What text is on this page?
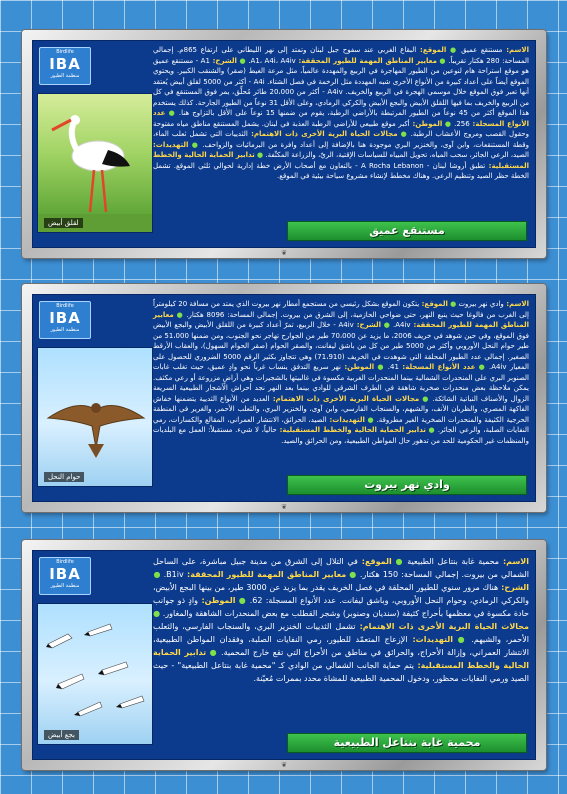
الاسم: مستنقع عميق ● الموقع: البقاع الغربي عند سفوح جبل لبنان وتمتد إلى نهر الليطاني على ارتفاع 865م. إجمالي المساحة: 280 هكتار تقريباً. ● معايير المناطق المهمة للطيور المحققة: A1، A4i، A4iv. ● الشرح: A1 - مستنقع عميق هو موقع استراحة هام لنوعين من الطيور المهاجرة في الربيع والمهددة عالمياً، مثل مرعة الغيط (صقر) والشنقب الكبير. ويحتوي الموقع أيضاً على أعداد كبيرة من الأنواع الأخرى شبه المهددة مثل الرخمة في فصل الشتاء. A4i - أكثر من 5000 لقلق أبيض يُعتقد أنها تعبر فوق الموقع خلال موسمي الهجرة في الربيع والخريف. A4iv - أكثر من 20،000 طائر مُحلِّق، يمر فوق المستنقع في كل من الربيع والخريف بما فيها اللقلق الأبيض والبجع الأبيض والكركي الرمادي، وعلى الأقل 31 نوعاً من الطيور الجارحة. كذلك يستخدم هذا الموقع أكثر من 45 نوعاً من الطيور المرتبطة بالأراضي الرطبة، يقوم من ضمنها 15 نوعاً على الأقل بالتزاوج هنا. ● عدد الأنواع المسجلة: 256. ● الموطن: أكبر موقع طبيعي للأراضي الرطبة العذبة في لبنان. يشمل المستنقع مناطق مياه مفتوحة وحقول القصب ومروج الأعشاب الرطبة. ● مجالات الحياة البرية الأخرى ذات الاهتمام: الثدييات التي تشمل ثعلب الماء، وقطة المستنقعات، وابن آوى، والخنزير البري موجودة هنا بالإضافة إلى أعداد وافرة من البرمائيات والزواحف. ● التهديدات: الصيد، الرعي الجائر، سحب المياه، تحويل الميياه للسياسات الإقتية، الريّ، والزراعة المكثّفة. ● تدابير الحماية الحالية والخطط المستقبلية: تطبق أروشا لبنان - A Rocha Lebanon - بالتعاون مع أصحاب الأرض خطة إدارية لحوالي ثلثي الموقع. تشمل الخطة حظر الصيد وتنظيم الرعي. وهناك مخطط لإنشاء مشروع سياحة بيئية في الموقع.
Birdlife
IBA
منظمة الطيور
لقلق أبيض
مستنقع عميق
❦
الاسم: وادي نهر بيروت ● الموقع: يتكون الموقع بشكل رئيسي من مستجمع أمطار نهر بيروت الذي يمتد من مسافة 20 كيلومتراً إلى الغرب من فالوغا حيث ينبع النهر، حتى ضواحي الحازمية، إلى الشرق من بيروت. إجمالي المساحة: 8096 هكتار. ● معايير المناطق المهمة للطيور المحققة: A4iv. ● الشرح: A4iv - خلال الربيع، تمرّ أعداد كبيرة من اللقلق الأبيض والبجع الأبيض فوق الموقع، وفي حين شوهد في خريف 2006، ما يزيد عن 70،000 طير من الجوارح تهاجر نحو الجنوب، ومن ضمنها 51،000 من طير حوام النحل الأوروبي وأكثر من 5000 طير من كل من باشق ليفانت، والصقر الحوام (صقر الحوام السهول)، والعقاب الأرقط الصغير. إجمالي عدد الطيور المحلقة التي شوهدت في الخريف (71،910) وهي تتجاوز بكثير الرقم 5000 الضروري للحصول على المعيار A4iv. ● عدد الأنواع المسجلة: 41. ● الموطن: نهر سريع التدفق ينساب غرباً نحو وادٍ عميق، حيث تغلب غابات الصنوبر البري على المنحدرات الشمالية بينما المنحدرات الغربية مكسوة في غالبيتها بالشجيرات وهي أراضٍ مزروعة أو رعي مكثف. يمكن ملاحظة بعض منحدرات صخرية شاهقة في الطرف الشرقي للوادي بينما بعد النهر نجد أحراش الأشجار الطبيعية السريعة الزوال والأصناف النباتية الشائكة. ● مجالات الحياة البرية الأخرى ذات الاهتمام: العديد من الأنواع الثديية يتضمنها خفاش الفاكهة المصري، والظربان الأنف، والشيهم، والسنجاب الفارسي، وابن آوى، والخنزير البري، والثعلب الأحمر، والغرير في المنطقة الحرجية الكثيفة والمنحدرات الصخرية الغير مطروقة. ● التهديدات: الصيد، الحرائق، الانتشار العمراني، المقالع والكسارات، رمي النفايات الصلبة، والرعي الجائر. ● تدابير الحماية الحالية والخطط المستقبلية: حالياً، لا شيء. مستقبلاً: العمل مع البلديات والمنظمات غير الحكومية للحد من تدهور حال المواطن الطبيعية، ومن الحرائق والصيد.
Birdlife
IBA
منظمة الطيور
حوام النحل
وادي نهر بيروت
❦
الاسم: محمية غابة بنتاعل الطبيعية ● الموقع: في التلال إلى الشرق من مدينة جبيل مباشرة، على الساحل الشمالي من بيروت. إجمالي المساحة: 150 هكتار. ● معايير المناطق المهمة للطيور المحققة: B1iv. ● الشرح: هناك مرور سنوي للطيور المحلقة في فصل الخريف يقدر بما يزيد عن 3000 طير، من بينها البجع الأبيض، والكركي الرمادي، وحوام النحل الأوروبي، وباشق ليفانت. عدد الأنواع المسجلة: 62. ● الموطن: وادٍ ذو جوانب حادة مكسوة في معظمها بأحراج كثيفة (سنديان وصنوبر) وشجر القطلب مع بعض المنحدرات الشاهقة والمغاور. ● مجالات الحياة البرية الأخرى ذات الاهتمام: تشمل الثدييات الخنزير البري، والسنجاب الفارسي، والثعلب الأحمر، والشيهم. ● التهديدات: الإزعاج المتعمّد للطيور، رمي النفايات الصلبة، وفقدان المواطن الطبيعية، الانتشار العمراني، وإزالة الأحراج، والحرائق في مناطق من الأحراج التي تقع خارج المحمية. ● تدابير الحماية الحالية والخطط المستقبلية: يتم حماية الجانب الشمالي من الوادي كـ "محمية غابة بنتاعل الطبيعية" - حيث الصيد ورمي النفايات محظور، ودخول المحمية الطبيعية للمشاة محدد بممرات مُعيّنة.
Birdlife
IBA
منظمة الطيور
بجع أبيض
محمية غابة بنتاعل الطبيعية
❦
